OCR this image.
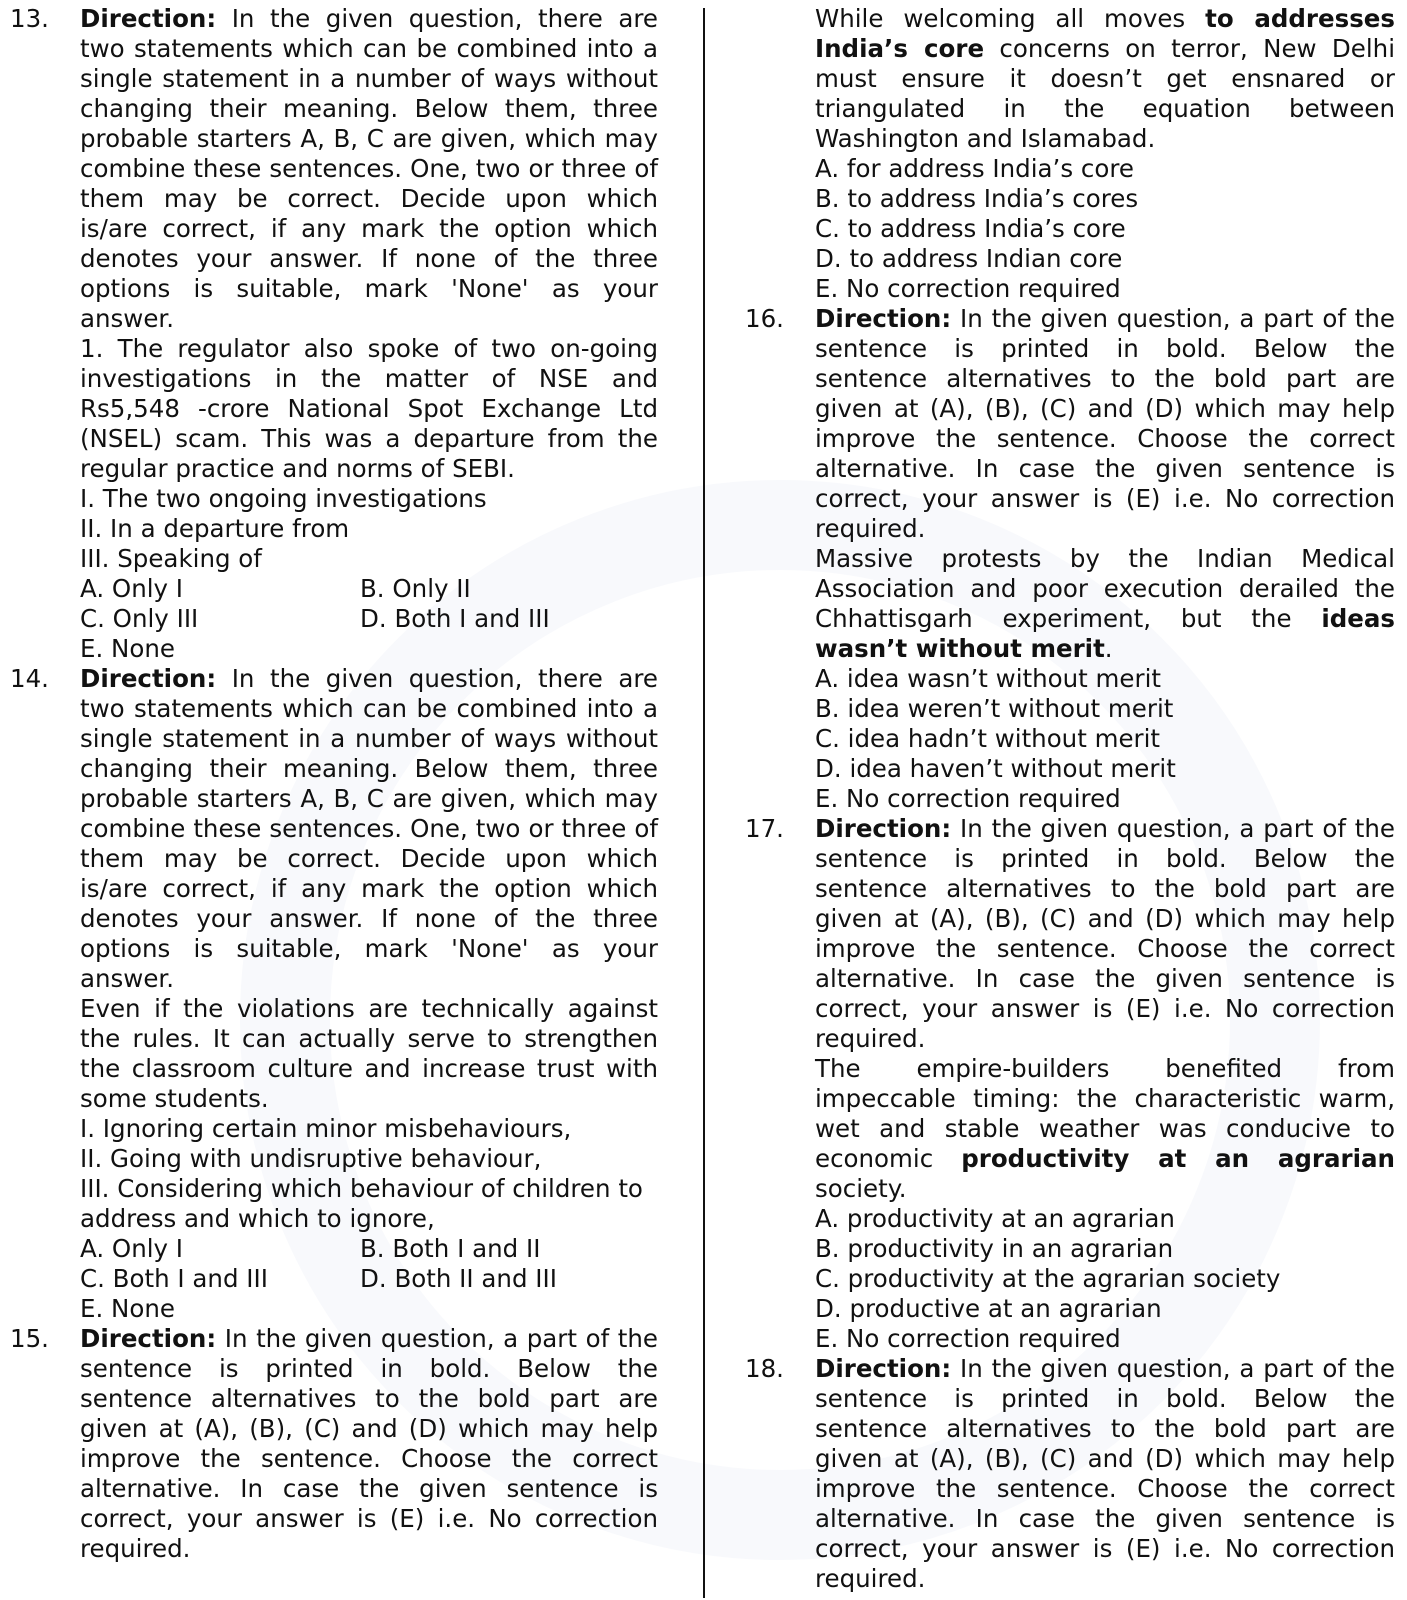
13.	Direction: In the given question, there are two statements which can be combined into a single statement in a number of ways without changing their meaning. Below them, three probable starters A, B, C are given, which may combine these sentences. One, two or three of them may be correct. Decide upon which is/are correct, if any mark the option which denotes your answer. If none of the three options is suitable, mark 'None' as your answer.
1. The regulator also spoke of two on-going investigations in the matter of NSE and Rs5,548 -crore National Spot Exchange Ltd (NSEL) scam. This was a departure from the regular practice and norms of SEBI.
I. The two ongoing investigations
II. In a departure from
III. Speaking of
A. Only I	B. Only II
C. Only III	D. Both I and III
E. None
14.	Direction: In the given question, there are two statements which can be combined into a single statement in a number of ways without changing their meaning. Below them, three probable starters A, B, C are given, which may combine these sentences. One, two or three of them may be correct. Decide upon which is/are correct, if any mark the option which denotes your answer. If none of the three options is suitable, mark 'None' as your answer.
Even if the violations are technically against the rules. It can actually serve to strengthen the classroom culture and increase trust with some students.
I. Ignoring certain minor misbehaviours,
II. Going with undisruptive behaviour,
III. Considering which behaviour of children to address and which to ignore,
A. Only I	B. Both I and II
C. Both I and III	D. Both II and III
E. None
15.	Direction: In the given question, a part of the sentence is printed in bold. Below the sentence alternatives to the bold part are given at (A), (B), (C) and (D) which may help improve the sentence. Choose the correct alternative. In case the given sentence is correct, your answer is (E) i.e. No correction required.
While welcoming all moves to addresses India’s core concerns on terror, New Delhi must ensure it doesn’t get ensnared or triangulated in the equation between Washington and Islamabad.
A. for address India’s core
B. to address India’s cores
C. to address India’s core
D. to address Indian core
E. No correction required
16.	Direction: In the given question, a part of the sentence is printed in bold. Below the sentence alternatives to the bold part are given at (A), (B), (C) and (D) which may help improve the sentence. Choose the correct alternative. In case the given sentence is correct, your answer is (E) i.e. No correction required.
Massive protests by the Indian Medical Association and poor execution derailed the Chhattisgarh experiment, but the ideas wasn’t without merit.
A. idea wasn’t without merit
B. idea weren’t without merit
C. idea hadn’t without merit
D. idea haven’t without merit
E. No correction required
17.	Direction: In the given question, a part of the sentence is printed in bold. Below the sentence alternatives to the bold part are given at (A), (B), (C) and (D) which may help improve the sentence. Choose the correct alternative. In case the given sentence is correct, your answer is (E) i.e. No correction required.
The empire-builders benefited from impeccable timing: the characteristic warm, wet and stable weather was conducive to economic productivity at an agrarian society.
A. productivity at an agrarian
B. productivity in an agrarian
C. productivity at the agrarian society
D. productive at an agrarian
E. No correction required
18.	Direction: In the given question, a part of the sentence is printed in bold. Below the sentence alternatives to the bold part are given at (A), (B), (C) and (D) which may help improve the sentence. Choose the correct alternative. In case the given sentence is correct, your answer is (E) i.e. No correction required.
